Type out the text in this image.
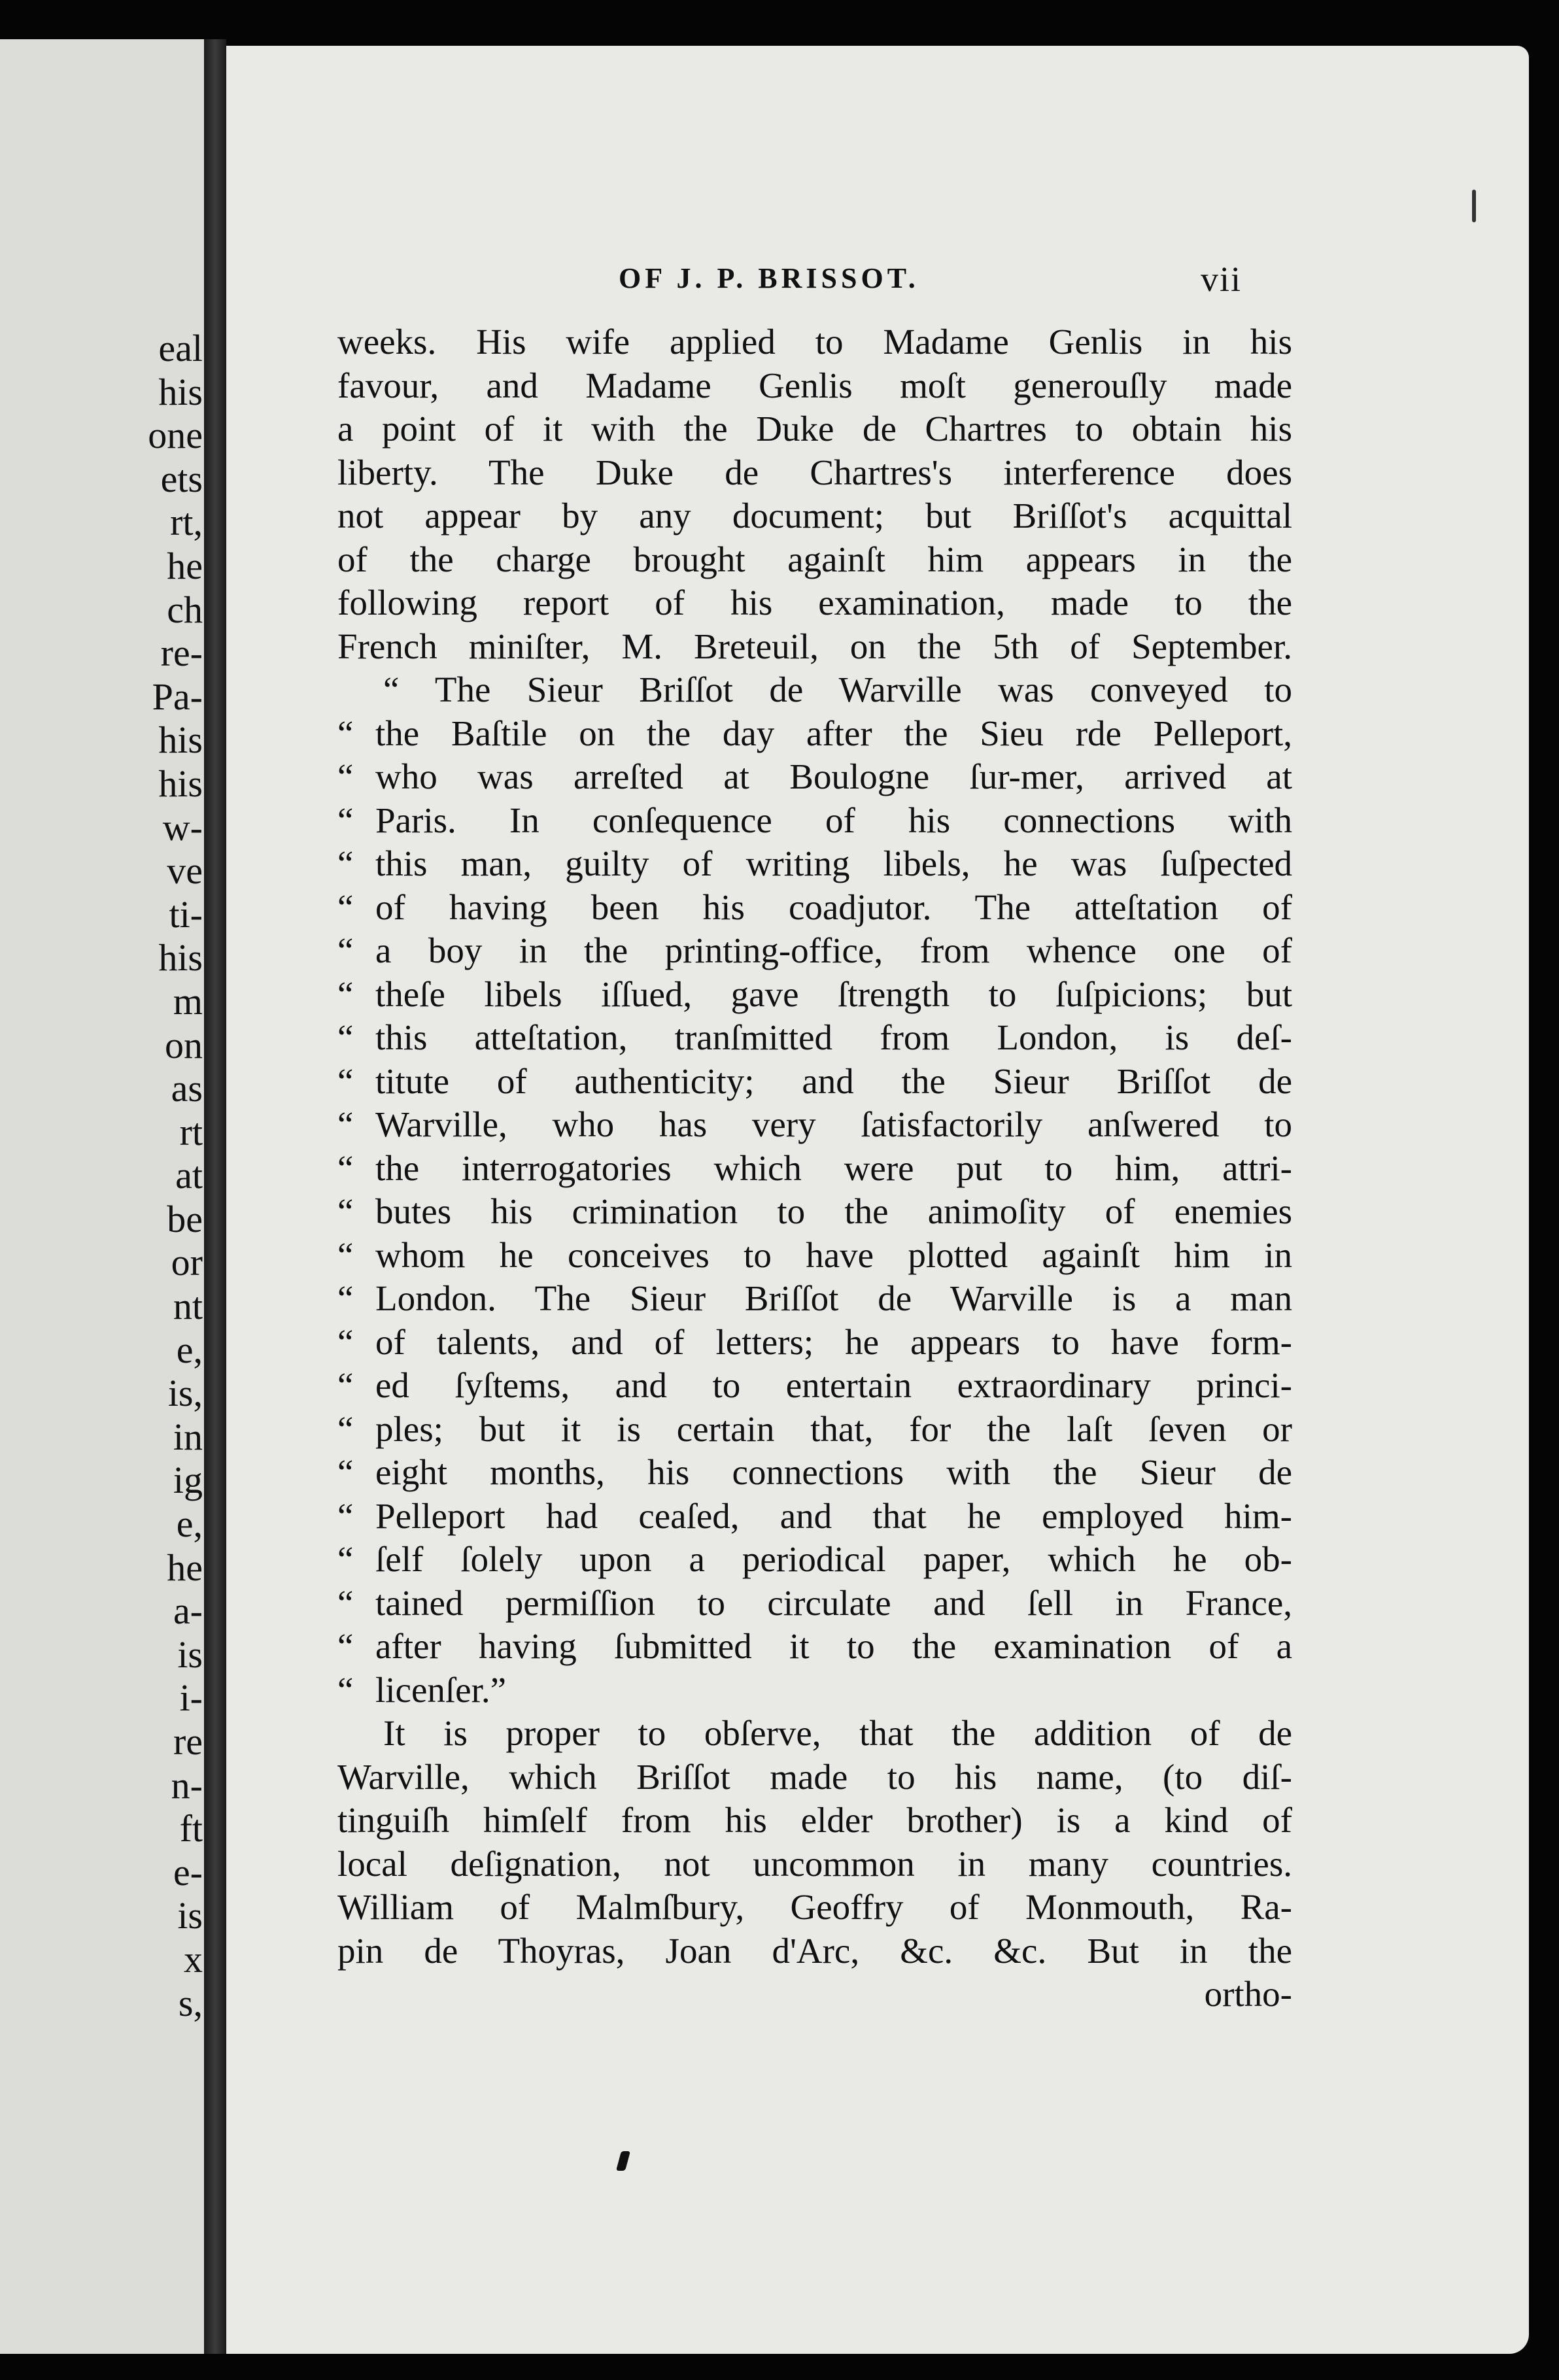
eal
his
one
ets
rt,
he
ch
re-
Pa-
his
his
w-
ve
ti-
his
m
on
as
rt
at
be
or
nt
e,
is,
in
ig
e,
he
a-
is
i-
re
n-
ft
e-
is
x
s,
OF J. P. BRISSOT.	vii
weeks. His wife applied to Madame Genlis in his
favour, and Madame Genlis moſt generouſly made
a point of it with the Duke de Chartres to obtain his
liberty. The Duke de Chartres's interference does
not appear by any document; but Briſſot's acquittal
of the charge brought againſt him appears in the
following report of his examination, made to the
French miniſter, M. Breteuil, on the 5th of September.
“ The Sieur Briſſot de Warville was conveyed to
“ the Baſtile on the day after the Sieu rde Pelleport,
“ who was arreſted at Boulogne ſur-mer, arrived at
“ Paris. In conſequence of his connections with
“ this man, guilty of writing libels, he was ſuſpected
“ of having been his coadjutor. The atteſtation of
“ a boy in the printing-office, from whence one of
“ theſe libels iſſued, gave ſtrength to ſuſpicions; but
“ this atteſtation, tranſmitted from London, is deſ-
“ titute of authenticity; and the Sieur Briſſot de
“ Warville, who has very ſatisfactorily anſwered to
“ the interrogatories which were put to him, attri-
“ butes his crimination to the animoſity of enemies
“ whom he conceives to have plotted againſt him in
“ London. The Sieur Briſſot de Warville is a man
“ of talents, and of letters; he appears to have form-
“ ed ſyſtems, and to entertain extraordinary princi-
“ ples; but it is certain that, for the laſt ſeven or
“ eight months, his connections with the Sieur de
“ Pelleport had ceaſed, and that he employed him-
“ ſelf ſolely upon a periodical paper, which he ob-
“ tained permiſſion to circulate and ſell in France,
“ after having ſubmitted it to the examination of a
“ licenſer.”
It is proper to obſerve, that the addition of de
Warville, which Briſſot made to his name, (to diſ-
tinguiſh himſelf from his elder brother) is a kind of
local deſignation, not uncommon in many countries.
William of Malmſbury, Geoffry of Monmouth, Ra-
pin de Thoyras, Joan d'Arc, &c. &c. But in the
ortho-
